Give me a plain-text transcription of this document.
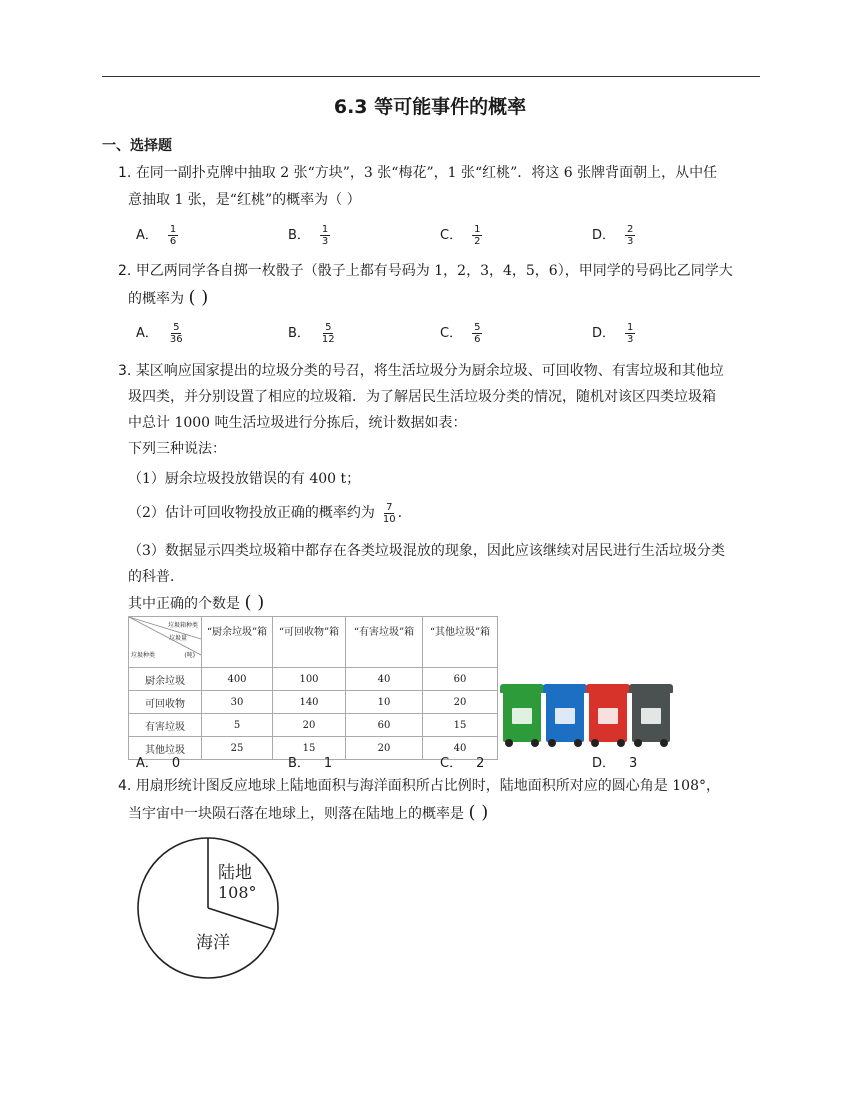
6.3 等可能事件的概率
一、选择题
1. 在同一副扑克牌中抽取 2 张“方块”，3 张“梅花”，1 张“红桃”．将这 6 张牌背面朝上，从中任
意抽取 1 张，是“红桃”的概率为（ ）
A． $\frac{1}{6}$	B． $\frac{1}{3}$	C． $\frac{1}{2}$	D． $\frac{2}{3}$
2. 甲乙两同学各自掷一枚骰子（骰子上都有号码为 1，2，3，4，5，6），甲同学的号码比乙同学大
的概率为 ( )
A． $\frac{5}{36}$	B． $\frac{5}{12}$	C． $\frac{5}{6}$	D． $\frac{1}{3}$
3. 某区响应国家提出的垃圾分类的号召，将生活垃圾分为厨余垃圾、可回收物、有害垃圾和其他垃
圾四类，并分别设置了相应的垃圾箱．为了解居民生活垃圾分类的情况，随机对该区四类垃圾箱
中总计 1000 吨生活垃圾进行分拣后，统计数据如表：
下列三种说法：
（1）厨余垃圾投放错误的有 400 t；
（2）估计可回收物投放正确的概率约为 $\frac{7}{10}$ .
（3）数据显示四类垃圾箱中都存在各类垃圾混放的现象，因此应该继续对居民进行生活垃圾分类
的科普．
其中正确的个数是 ( )
垃圾箱种类
垃圾量
垃圾种类 (吨)	“厨余垃圾”箱	“可回收物”箱	“有害垃圾”箱	“其他垃圾”箱
厨余垃圾	400	100	40	60
可回收物	30	140	10	20
有害垃圾	5	20	60	15
其他垃圾	25	15	20	40
A． 0	B． 1	C． 2	D． 3
4. 用扇形统计图反应地球上陆地面积与海洋面积所占比例时，陆地面积所对应的圆心角是 108°，
当宇宙中一块陨石落在地球上，则落在陆地上的概率是 ( )
陆地
108°
海洋
